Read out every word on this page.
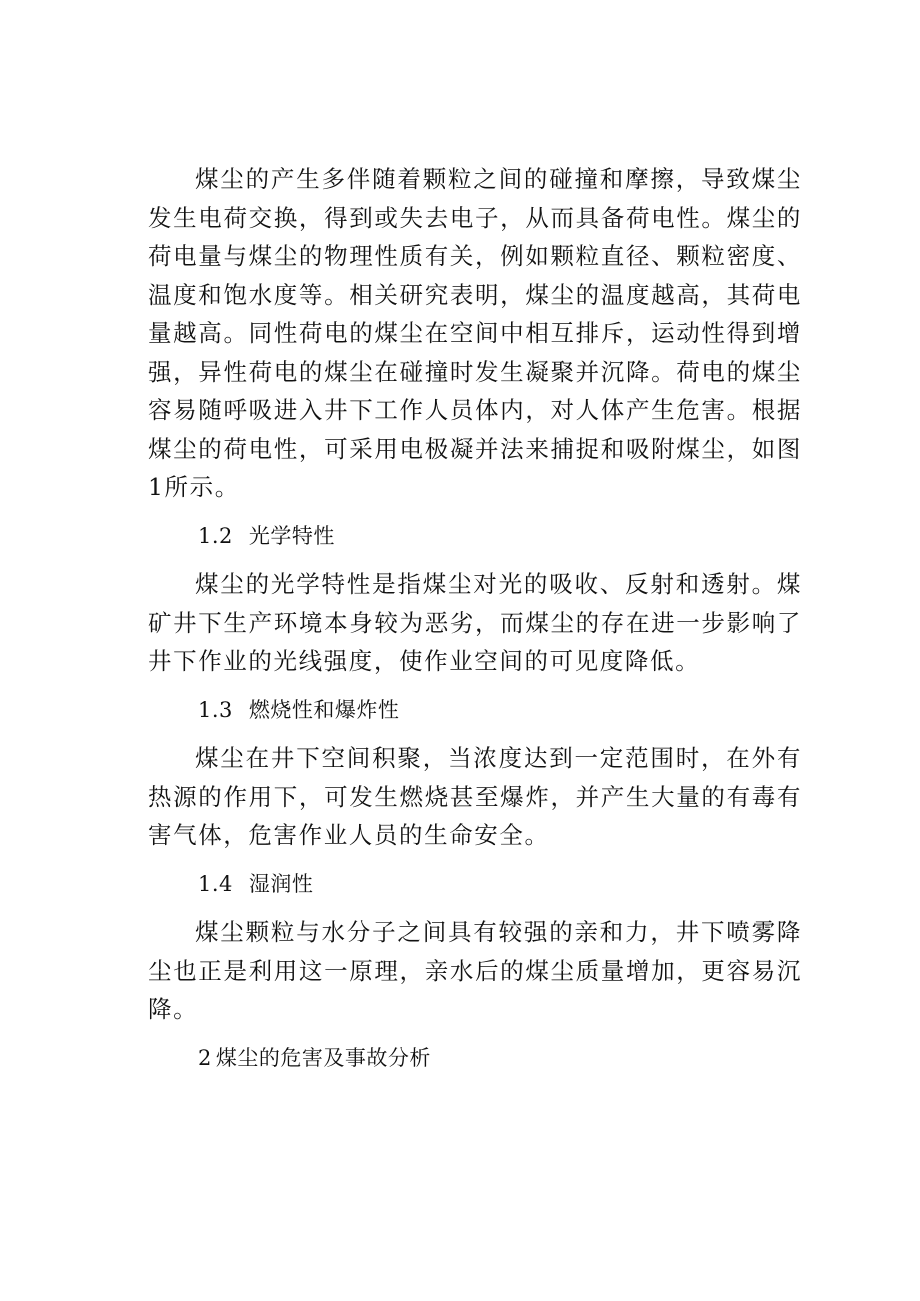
煤尘的产生多伴随着颗粒之间的碰撞和摩擦，导致煤尘发生电荷交换，得到或失去电子，从而具备荷电性。煤尘的荷电量与煤尘的物理性质有关，例如颗粒直径、颗粒密度、温度和饱水度等。相关研究表明，煤尘的温度越高，其荷电量越高。同性荷电的煤尘在空间中相互排斥，运动性得到增强，异性荷电的煤尘在碰撞时发生凝聚并沉降。荷电的煤尘容易随呼吸进入井下工作人员体内，对人体产生危害。根据煤尘的荷电性，可采用电极凝并法来捕捉和吸附煤尘，如图1所示。

1.2 光学特性

煤尘的光学特性是指煤尘对光的吸收、反射和透射。煤矿井下生产环境本身较为恶劣，而煤尘的存在进一步影响了井下作业的光线强度，使作业空间的可见度降低。

1.3 燃烧性和爆炸性

煤尘在井下空间积聚，当浓度达到一定范围时，在外有热源的作用下，可发生燃烧甚至爆炸，并产生大量的有毒有害气体，危害作业人员的生命安全。

1.4 湿润性

煤尘颗粒与水分子之间具有较强的亲和力，井下喷雾降尘也正是利用这一原理，亲水后的煤尘质量增加，更容易沉降。

2 煤尘的危害及事故分析
